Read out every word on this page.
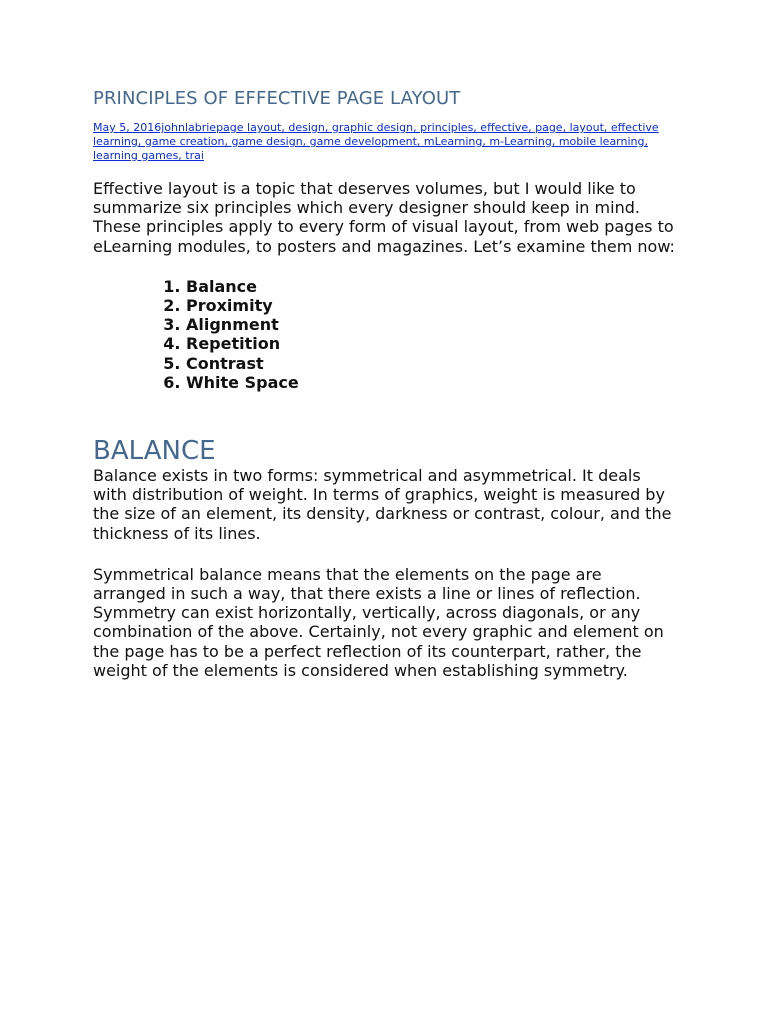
PRINCIPLES OF EFFECTIVE PAGE LAYOUT
May 5, 2016johnlabriepage layout, design, graphic design, principles, effective, page, layout, effective learning, game creation, game design, game development, mLearning, m-Learning, mobile learning, learning games, trai

Effective layout is a topic that deserves volumes, but I would like to summarize six principles which every designer should keep in mind. These principles apply to every form of visual layout, from web pages to eLearning modules, to posters and magazines. Let’s examine them now:

1. Balance
2. Proximity
3. Alignment
4. Repetition
5. Contrast
6. White Space
BALANCE

Balance exists in two forms: symmetrical and asymmetrical. It deals with distribution of weight. In terms of graphics, weight is measured by the size of an element, its density, darkness or contrast, colour, and the thickness of its lines.

Symmetrical balance means that the elements on the page are arranged in such a way, that there exists a line or lines of reflection. Symmetry can exist horizontally, vertically, across diagonals, or any combination of the above. Certainly, not every graphic and element on the page has to be a perfect reflection of its counterpart, rather, the weight of the elements is considered when establishing symmetry.
